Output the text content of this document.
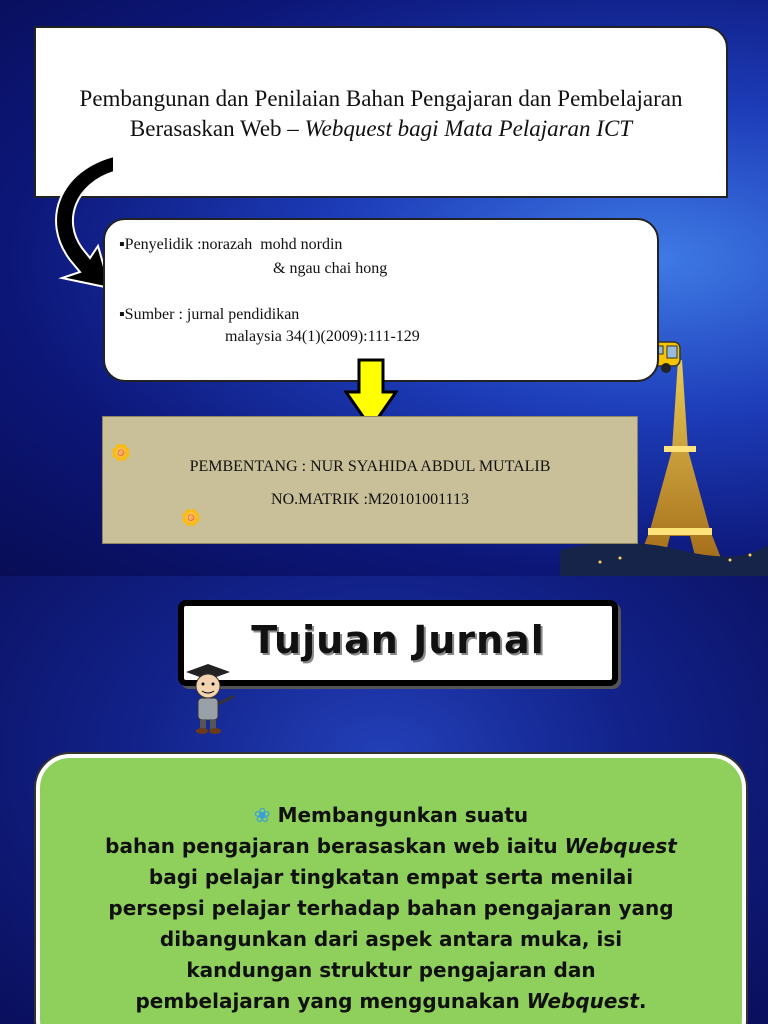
Pembangunan dan Penilaian Bahan Pengajaran dan Pembelajaran
Berasaskan Web – Webquest bagi Mata Pelajaran ICT
▪Penyelidik :norazah  mohd nordin
& ngau chai hong
▪Sumber : jurnal pendidikan
malaysia 34(1)(2009):111-129
🌼
PEMBENTANG : NUR SYAHIDA ABDUL MUTALIB
NO.MATRIK :M20101001113
🌼
Tujuan Jurnal
❀ Membangunkan suatu
bahan pengajaran berasaskan web iaitu Webquest
bagi pelajar tingkatan empat serta menilai
persepsi pelajar terhadap bahan pengajaran yang
dibangunkan dari aspek antara muka, isi
kandungan struktur pengajaran dan
pembelajaran yang menggunakan Webquest.
